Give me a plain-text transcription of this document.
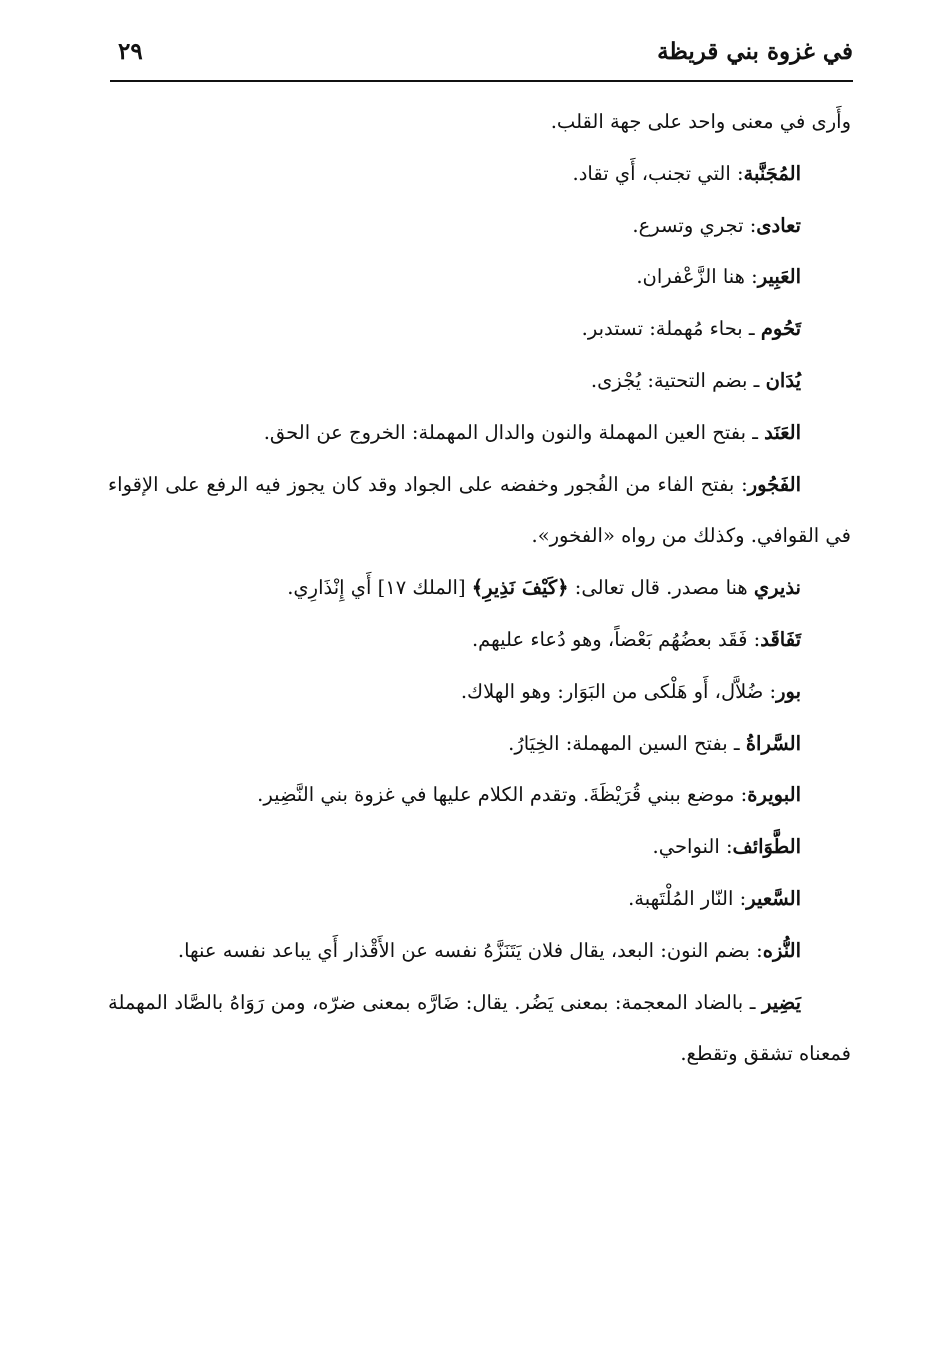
في غزوة بني قريظة
٢٩

وأَرى في معنى واحد على جهة القلب.

المُجَنَّبة: التي تجنب، أَي تقاد.

تعادى: تجري وتسرع.

العَبِير: هنا الزَّعْفران.

تَحُوم ـ بحاء مُهملة: تستدبر.

يُدَان ـ بضم التحتية: يُجْزى.

العَنَد ـ بفتح العين المهملة والنون والدال المهملة: الخروج عن الحق.

الفَجُور: بفتح الفاء من الفُجور وخفضه على الجواد وقد كان يجوز فيه الرفع على الإقواء في القوافي. وكذلك من رواه «الفخور».

نذيري هنا مصدر. قال تعالى: ﴿كَيْفَ نَذِيرِ﴾ [الملك ١٧] أَي إِنْذَارِي.

تَفَاقَد: فَقَد بعضُهُم بَعْضاً، وهو دُعاء عليهم.

بور: ضُلاَّل، أَو هَلْكى من البَوَار: وهو الهلاك.

السَّراةُ ـ بفتح السين المهملة: الخِيَارُ.

البويرة: موضع ببني قُرَيْظَةَ. وتقدم الكلام عليها في غزوة بني النَّضِير.

الطَّوَائف: النواحي.

السَّعير: النّار المُلْتَهبة.

النُّزه: بضم النون: البعد، يقال فلان يَتَنَزَّهُ نفسه عن الأَقْذار أَي يباعد نفسه عنها.

يَضِير ـ بالضاد المعجمة: بمعنى يَضُر. يقال: ضَارَّه بمعنى ضرّه، ومن رَوَاهُ بالصَّاد المهملة فمعناه تشقق وتقطع.
